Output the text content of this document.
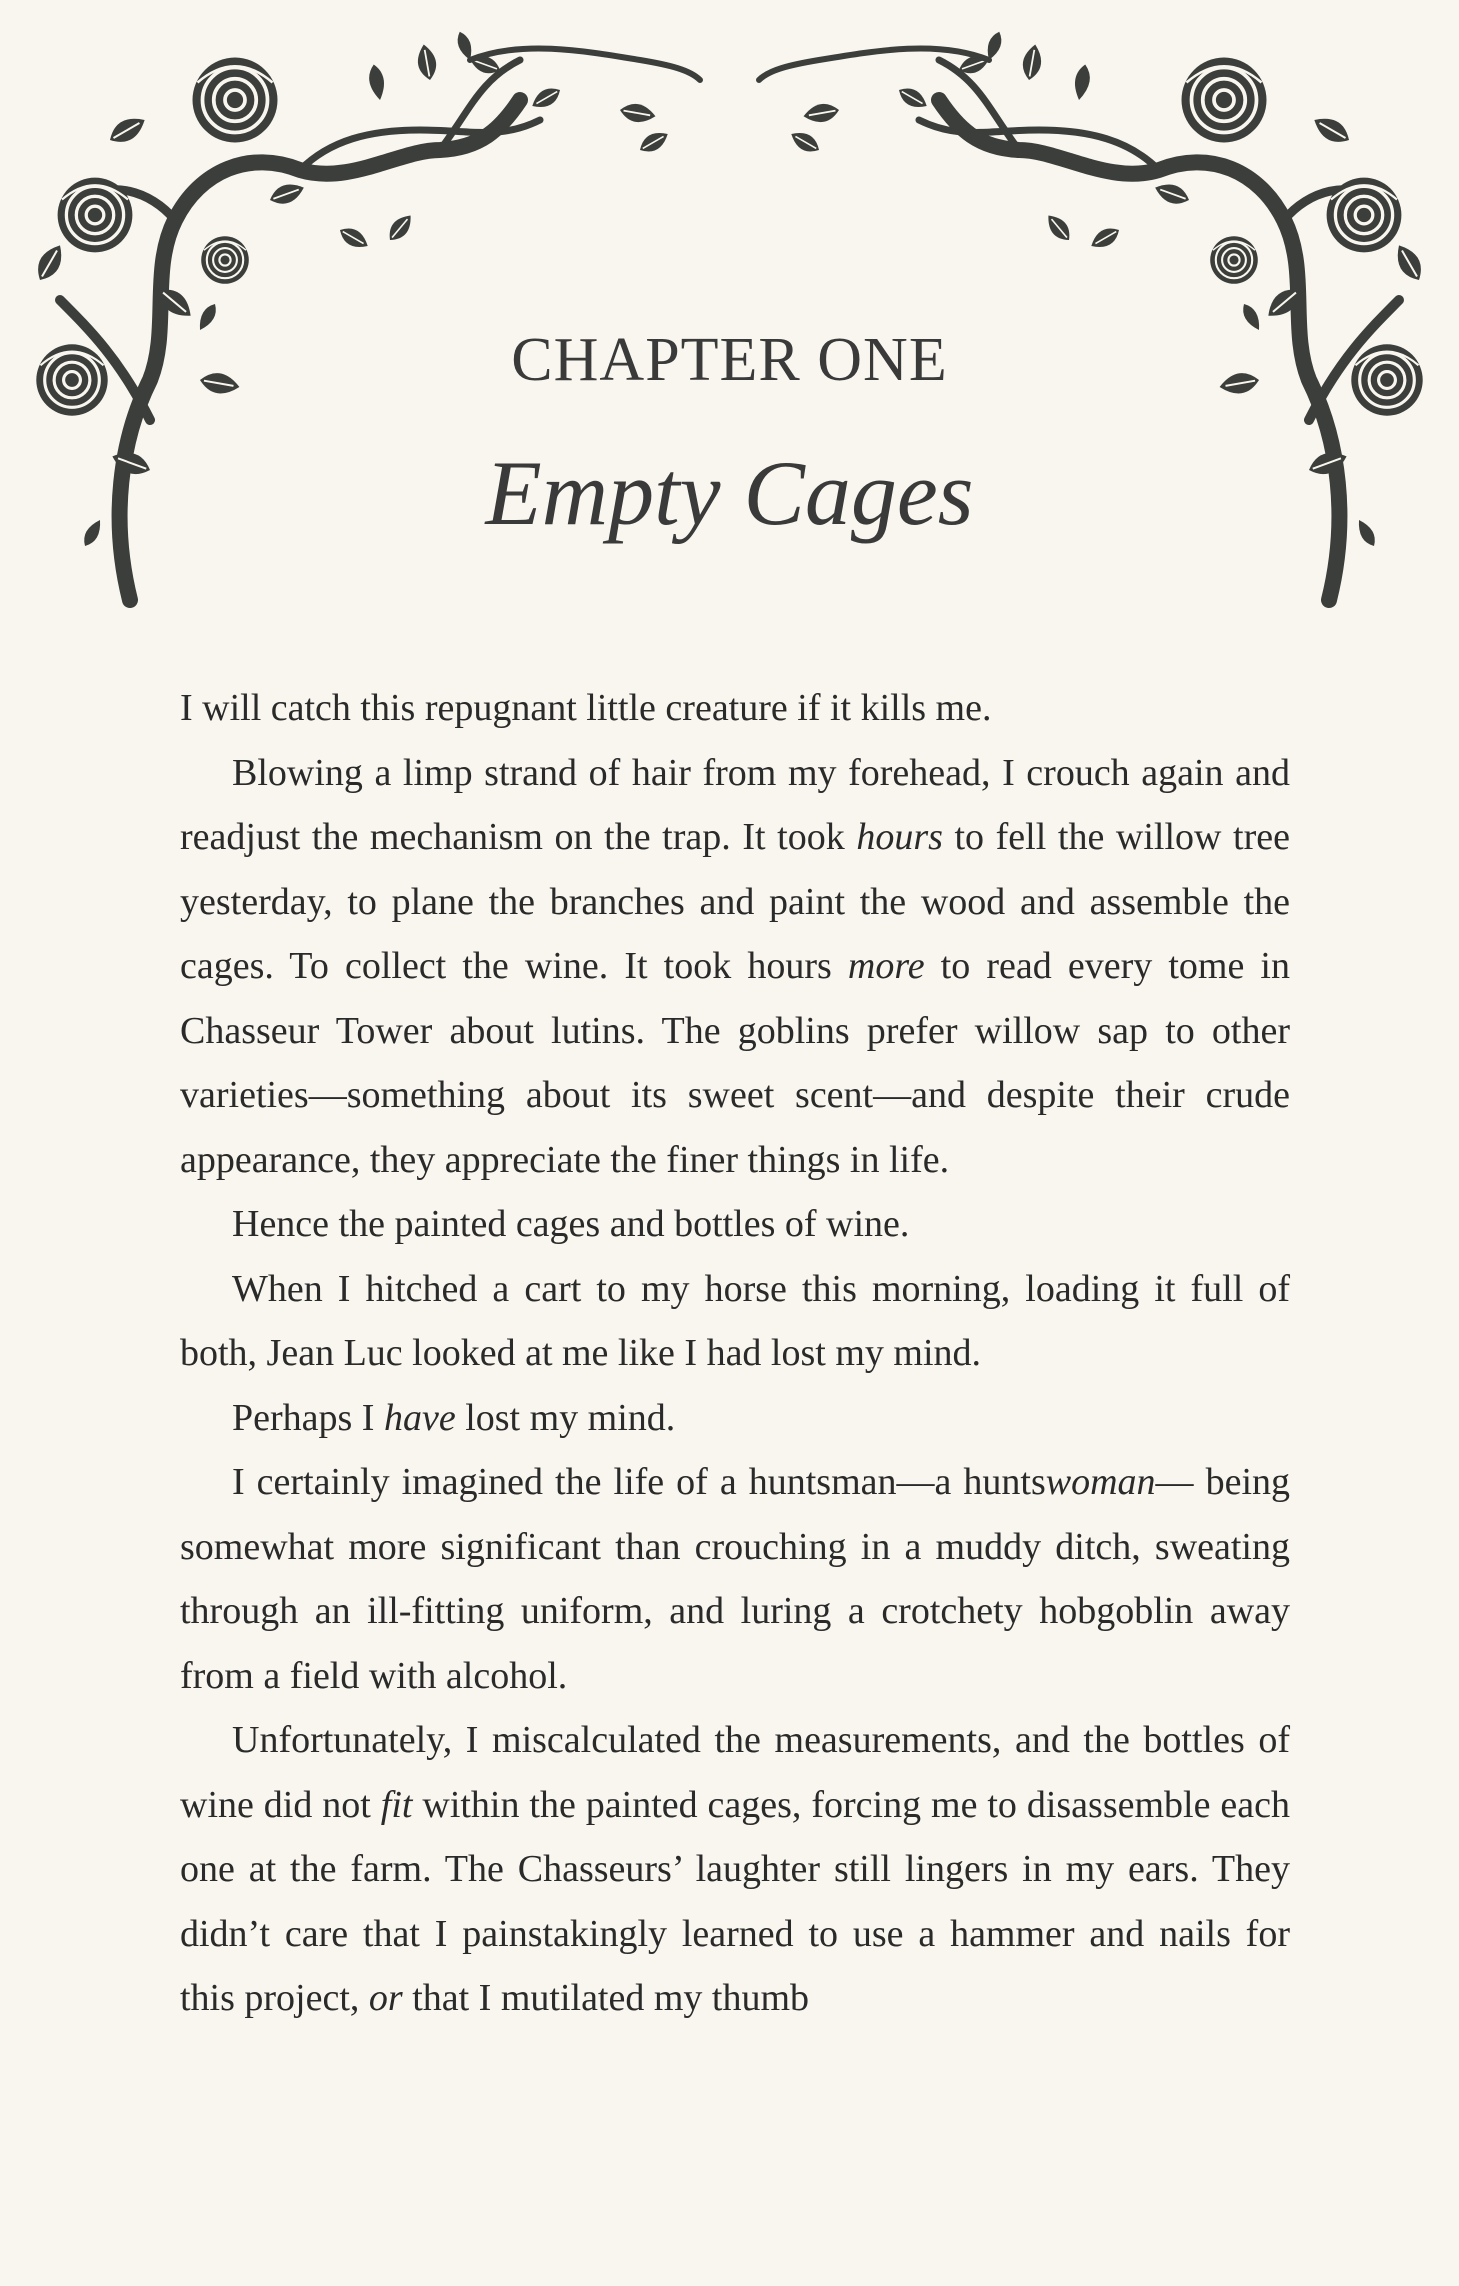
CHAPTER ONE
Empty Cages

I will catch this repugnant little creature if it kills me.

Blowing a limp strand of hair from my forehead, I crouch again and readjust the mechanism on the trap. It took hours to fell the willow tree yesterday, to plane the branches and paint the wood and assemble the cages. To collect the wine. It took hours more to read every tome in Chasseur Tower about lutins. The goblins prefer willow sap to other varieties—something about its sweet scent—and despite their crude appearance, they appreciate the finer things in life.

Hence the painted cages and bottles of wine.

When I hitched a cart to my horse this morning, loading it full of both, Jean Luc looked at me like I had lost my mind.

Perhaps I have lost my mind.

I certainly imagined the life of a huntsman—a huntswoman— being somewhat more significant than crouching in a muddy ditch, sweating through an ill-fitting uniform, and luring a crotchety hobgoblin away from a field with alcohol.

Unfortunately, I miscalculated the measurements, and the bottles of wine did not fit within the painted cages, forcing me to disassemble each one at the farm. The Chasseurs’ laughter still lingers in my ears. They didn’t care that I painstakingly learned to use a hammer and nails for this project, or that I mutilated my thumb
